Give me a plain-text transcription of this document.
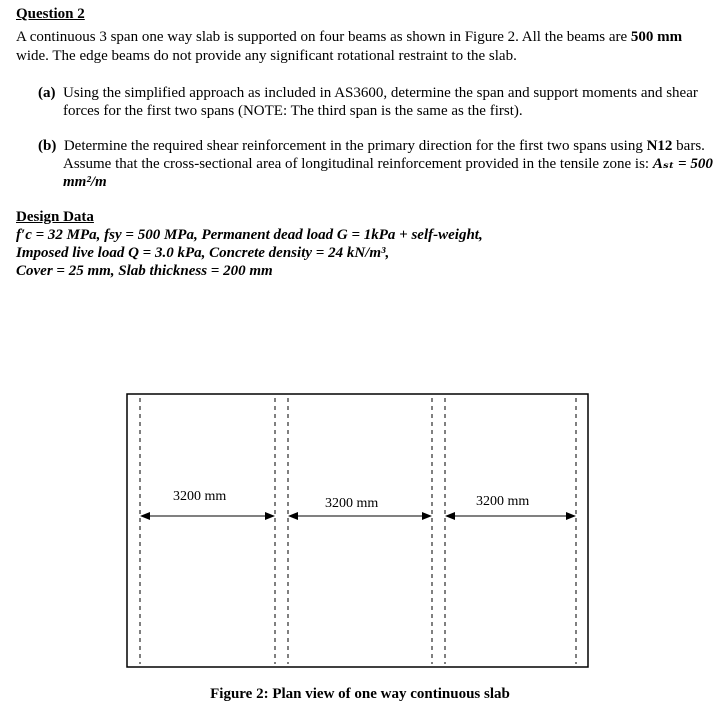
Question 2

A continuous 3 span one way slab is supported on four beams as shown in Figure 2. All the beams are 500 mm wide. The edge beams do not provide any significant rotational restraint to the slab.

(a) Using the simplified approach as included in AS3600, determine the span and support moments and shear forces for the first two spans (NOTE: The third span is the same as the first).

(b) Determine the required shear reinforcement in the primary direction for the first two spans using N12 bars. Assume that the cross-sectional area of longitudinal reinforcement provided in the tensile zone is: Aₛₜ = 500 mm²/m

Design Data
f′c = 32 MPa, fsy = 500 MPa, Permanent dead load G = 1kPa + self-weight,
Imposed live load Q = 3.0 kPa, Concrete density = 24 kN/m³,
Cover = 25 mm, Slab thickness = 200 mm
3200 mm	3200 mm	3200 mm
Figure 2: Plan view of one way continuous slab
